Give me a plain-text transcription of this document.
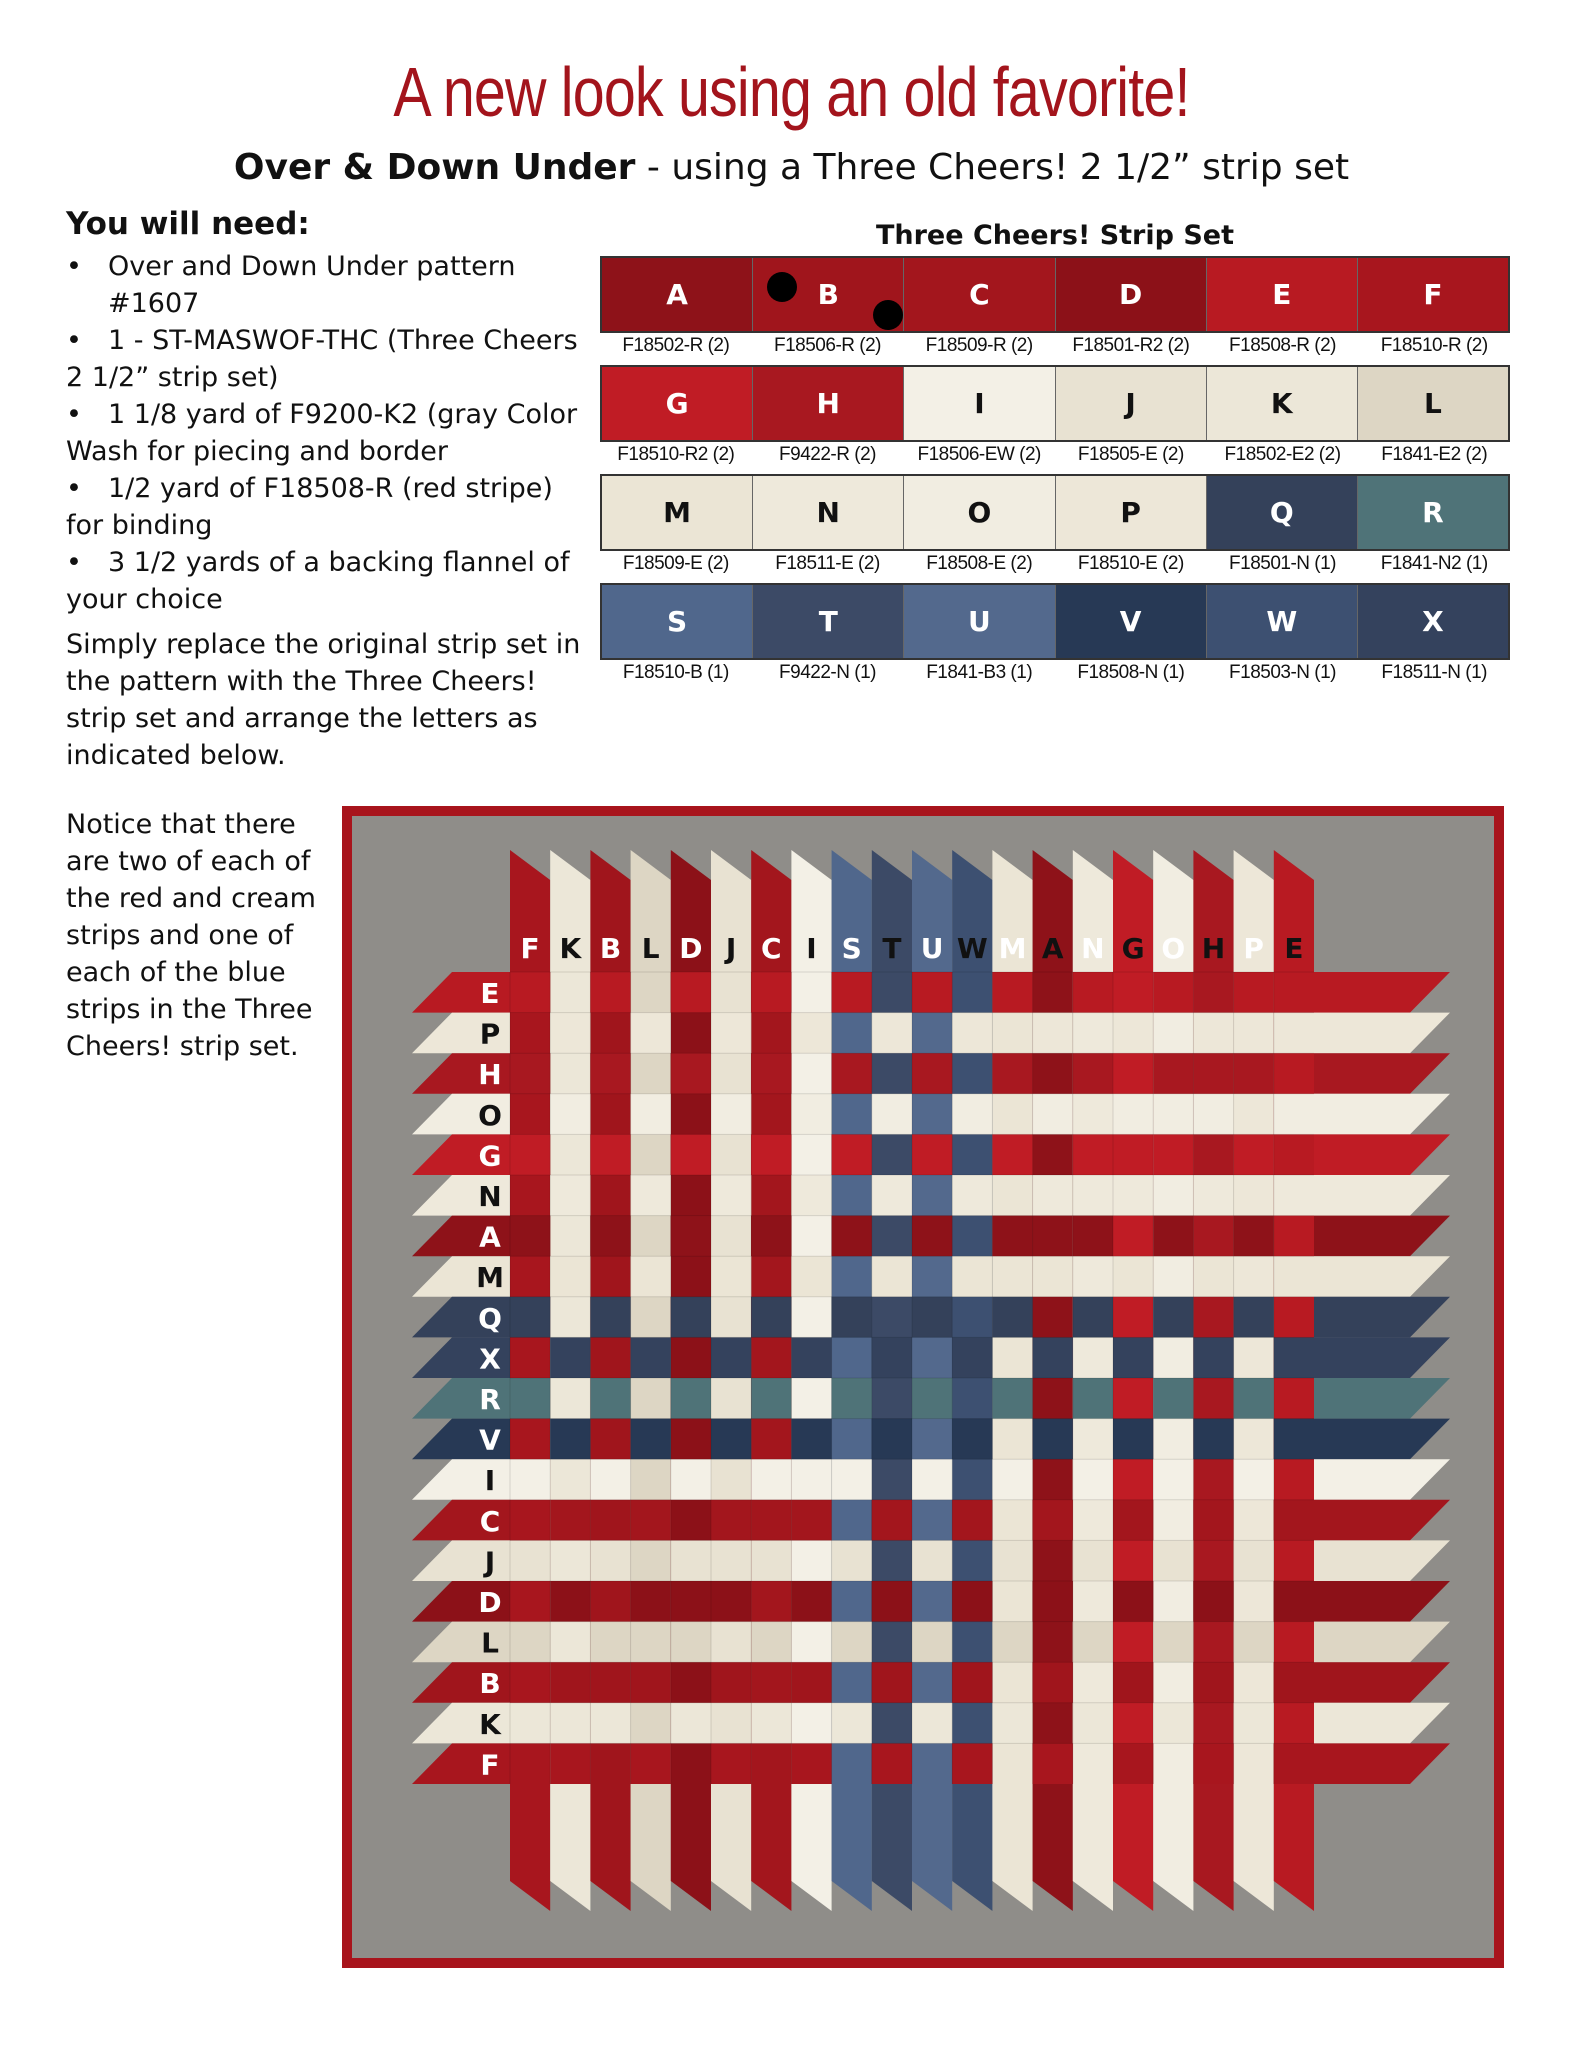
A new look using an old favorite!
Over & Down Under - using a Three Cheers! 2 1/2” strip set
You will need:
• Over and Down Under pattern #1607
• 1 - ST-MASWOF-THC (Three Cheers
2 1/2” strip set)
• 1 1/8 yard of F9200-K2 (gray Color
Wash for piecing and border
• 1/2 yard of F18508-R (red stripe)
for binding
• 3 1/2 yards of a backing flannel of
your choice
Simply replace the original strip set in the pattern with the Three Cheers! strip set and arrange the letters as indicated below.
Notice that there are two of each of the red and cream strips and one of each of the blue strips in the Three Cheers! strip set.
Three Cheers! Strip Set
A	B	C	D	E	F
F18502-R (2)	F18506-R (2)	F18509-R (2)	F18501-R2 (2)	F18508-R (2)	F18510-R (2)
G	H	I	J	K	L
F18510-R2 (2)	F9422-R (2)	F18506-EW (2)	F18505-E (2)	F18502-E2 (2)	F1841-E2 (2)
M	N	O	P	Q	R
F18509-E (2)	F18511-E (2)	F18508-E (2)	F18510-E (2)	F18501-N (1)	F1841-N2 (1)
S	T	U	V	W	X
F18510-B (1)	F9422-N (1)	F1841-B3 (1)	F18508-N (1)	F18503-N (1)	F18511-N (1)
F K B L D J C I S T U W M A N G O H P E
E
P
H
O
G
N
A
M
Q
X
R
V
I
C
J
D
L
B
K
F
